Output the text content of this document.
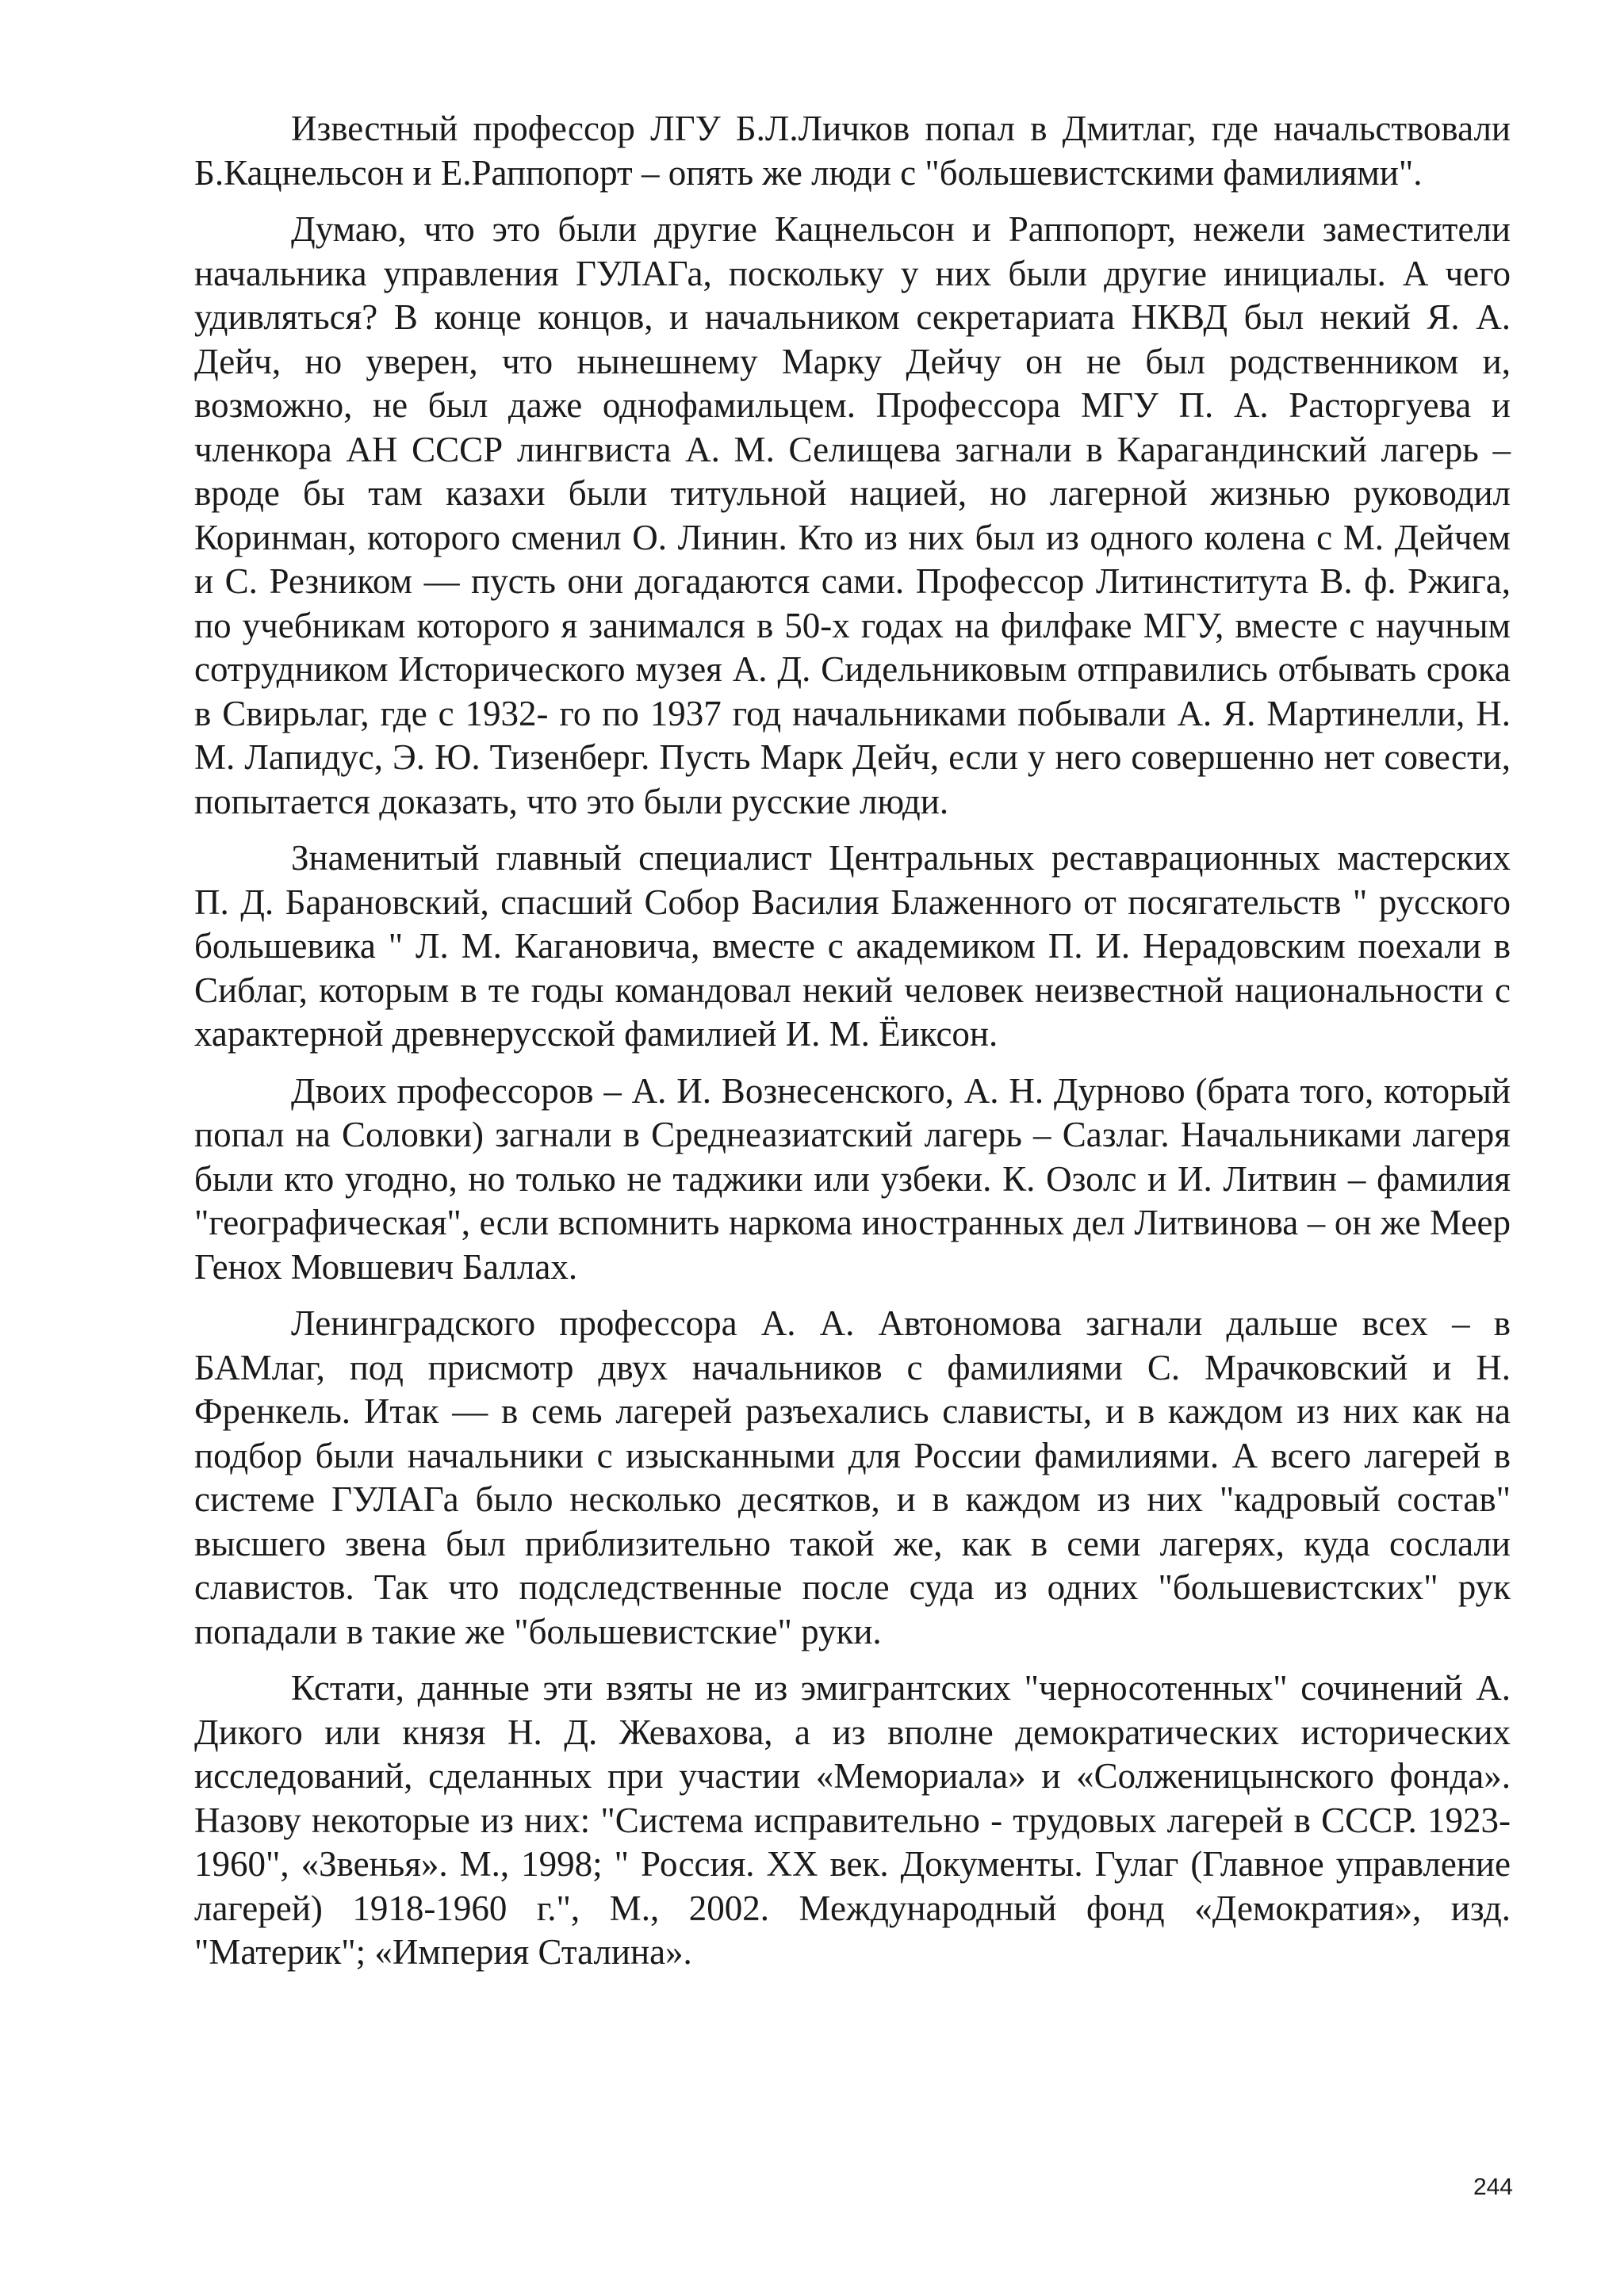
Известный профессор ЛГУ Б.Л.Личков попал в Дмитлаг, где начальствовали Б.Кацнельсон и Е.Раппопорт – опять же люди с "большевистскими фамилиями".

Думаю, что это были другие Кацнельсон и Раппопорт, нежели заместители начальника управления ГУЛАГа, поскольку у них были другие инициалы. А чего удивляться? В конце концов, и начальником секретариата НКВД был некий Я. А. Дейч, но уверен, что нынешнему Марку Дейчу он не был родственником и, возможно, не был даже однофамильцем. Профессора МГУ П. А. Расторгуева и членкора АН СССР лингвиста А. М. Селищева загнали в Карагандинский лагерь – вроде бы там казахи были титульной нацией, но лагерной жизнью руководил Коринман, которого сменил О. Линин. Кто из них был из одного колена с М. Дейчем и С. Резником — пусть они догадаются сами. Профессор Литинститута В. ф. Ржига, по учебникам которого я занимался в 50-х годах на филфаке МГУ, вместе с научным сотрудником Исторического музея А. Д. Сидельниковым отправились отбывать срока в Свирьлаг, где с 1932- го по 1937 год начальниками побывали А. Я. Мартинелли, Н. М. Лапидус, Э. Ю. Тизенберг. Пусть Марк Дейч, если у него совершенно нет совести, попытается доказать, что это были русские люди.

Знаменитый главный специалист Центральных реставрационных мастерских П. Д. Барановский, спасший Собор Василия Блаженного от посягательств " русского большевика " Л. М. Кагановича, вместе с академиком П. И. Нерадовским поехали в Сиблаг, которым в те годы командовал некий человек неизвестной национальности с характерной древнерусской фамилией И. М. Ёиксон.

Двоих профессоров – А. И. Вознесенского, А. Н. Дурново (брата того, который попал на Соловки) загнали в Среднеазиатский лагерь – Сазлаг. Начальниками лагеря были кто угодно, но только не таджики или узбеки. К. Озолс и И. Литвин – фамилия "географическая", если вспомнить наркома иностранных дел Литвинова – он же Меер Генох Мовшевич Баллах.

Ленинградского профессора А. А. Автономова загнали дальше всех – в БАМлаг, под присмотр двух начальников с фамилиями С. Мрачковский и Н. Френкель. Итак — в семь лагерей разъехались слависты, и в каждом из них как на подбор были начальники с изысканными для России фамилиями. А всего лагерей в системе ГУЛАГа было несколько десятков, и в каждом из них "кадровый состав" высшего звена был приблизительно такой же, как в семи лагерях, куда сослали славистов. Так что подследственные после суда из одних "большевистских" рук попадали в такие же "большевистские" руки.

Кстати, данные эти взяты не из эмигрантских "черносотенных" сочинений А. Дикого или князя Н. Д. Жевахова, а из вполне демократических исторических исследований, сделанных при участии «Мемориала» и «Солженицынского фонда». Назову некоторые из них: "Система исправительно - трудовых лагерей в СССР. 1923-1960", «Звенья». М., 1998; " Россия. XX век. Документы. Гулаг (Главное управление лагерей) 1918-1960 г.", М., 2002. Международный фонд «Демократия», изд. "Материк"; «Империя Сталина».

244
